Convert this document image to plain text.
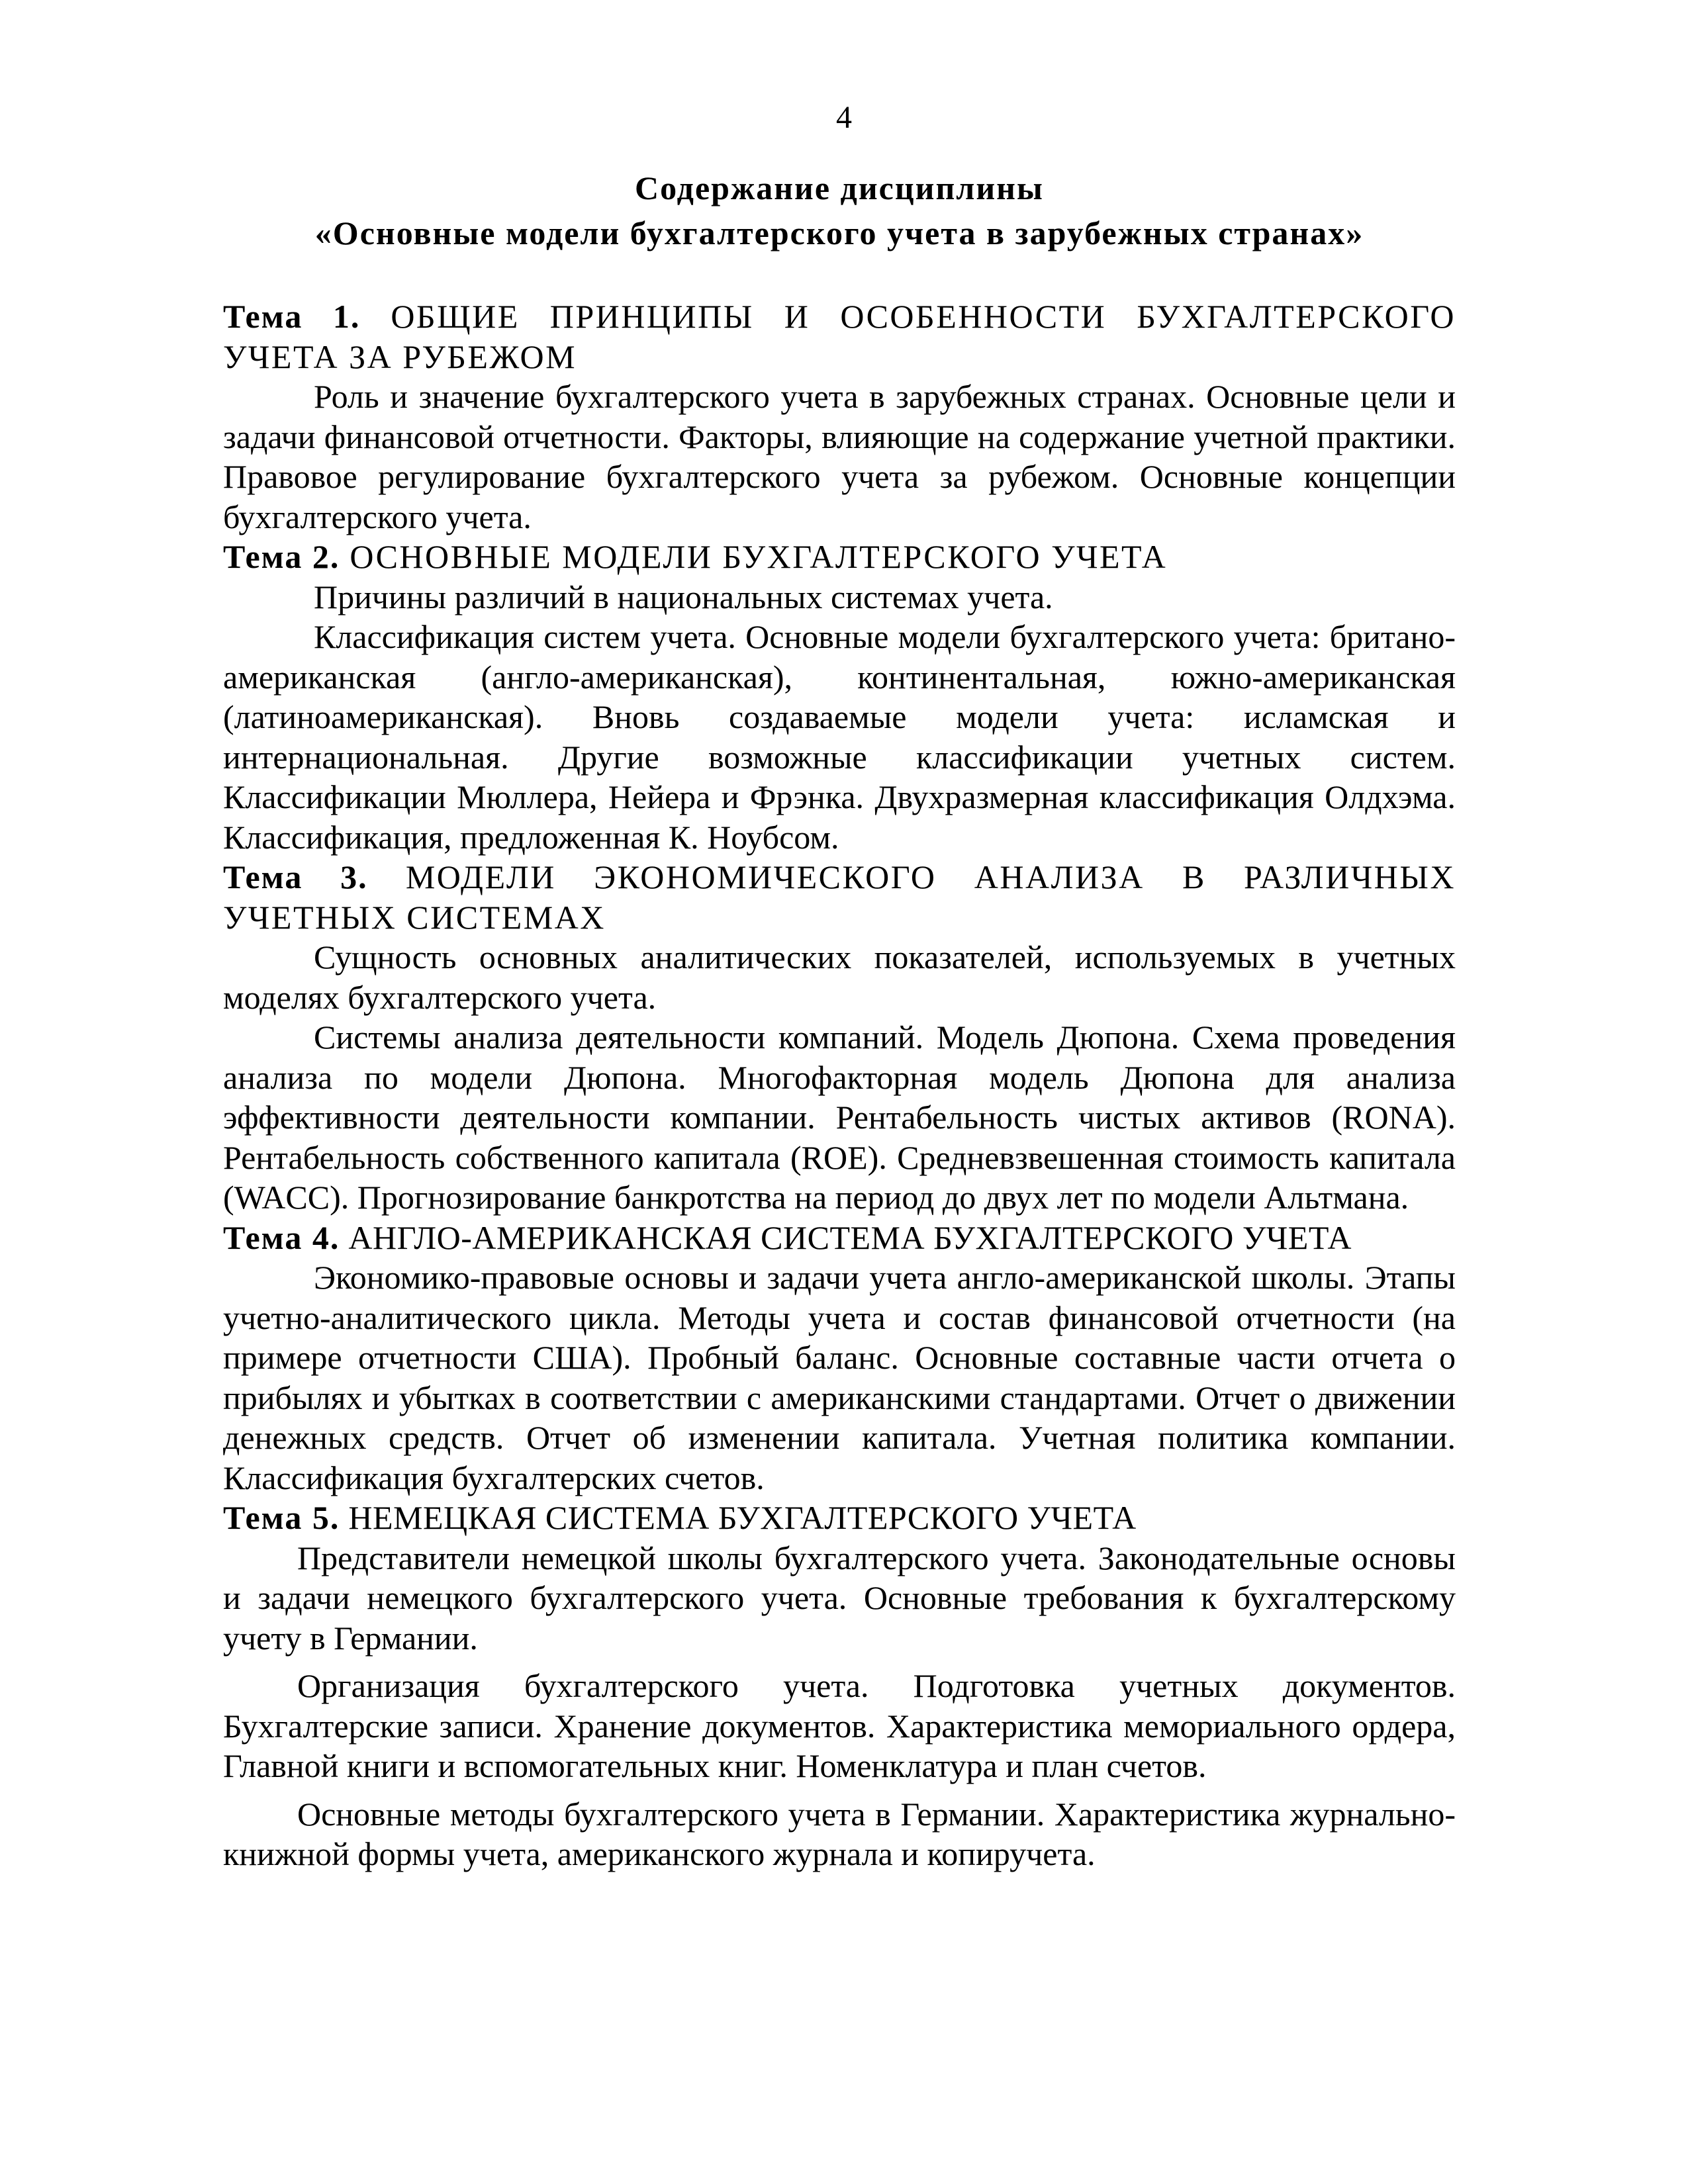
4
Содержание дисциплины
«Основные модели бухгалтерского учета в зарубежных странах»

Тема 1. ОБЩИЕ ПРИНЦИПЫ И ОСОБЕННОСТИ БУХГАЛТЕРСКОГО УЧЕТА ЗА РУБЕЖОМ

Роль и значение бухгалтерского учета в зарубежных странах. Основные цели и задачи финансовой отчетности. Факторы, влияющие на содержание учетной практики. Правовое регулирование бухгалтерского учета за рубежом. Основные концепции бухгалтерского учета.

Тема 2. ОСНОВНЫЕ МОДЕЛИ БУХГАЛТЕРСКОГО УЧЕТА

Причины различий в национальных системах учета.

Классификация систем учета. Основные модели бухгалтерского учета: британо-американская (англо-американская), континентальная, южно-американская (латиноамериканская). Вновь создаваемые модели учета: исламская и интернациональная. Другие возможные классификации учетных систем. Классификации Мюллера, Нейера и Фрэнка. Двухразмерная классификация Олдхэма. Классификация, предложенная К. Ноубсом.

Тема 3. МОДЕЛИ ЭКОНОМИЧЕСКОГО АНАЛИЗА В РАЗЛИЧНЫХ УЧЕТНЫХ СИСТЕМАХ

Сущность основных аналитических показателей, используемых в учетных моделях бухгалтерского учета.

Системы анализа деятельности компаний. Модель Дюпона. Схема проведения анализа по модели Дюпона. Многофакторная модель Дюпона для анализа эффективности деятельности компании. Рентабельность чистых активов (RONA). Рентабельность собственного капитала (ROE). Средневзвешенная стоимость капитала (WACC). Прогнозирование банкротства на период до двух лет по модели Альтмана.

Тема 4. АНГЛО-АМЕРИКАНСКАЯ СИСТЕМА БУХГАЛТЕРСКОГО УЧЕТА

Экономико-правовые основы и задачи учета англо-американской школы. Этапы учетно-аналитического цикла. Методы учета и состав финансовой отчетности (на примере отчетности США). Пробный баланс. Основные составные части отчета о прибылях и убытках в соответствии с американскими стандартами. Отчет о движении денежных средств. Отчет об изменении капитала. Учетная политика компании. Классификация бухгалтерских счетов.

Тема 5. НЕМЕЦКАЯ СИСТЕМА БУХГАЛТЕРСКОГО УЧЕТА

Представители немецкой школы бухгалтерского учета. Законодательные основы и задачи немецкого бухгалтерского учета. Основные требования к бухгалтерскому учету в Германии.

Организация бухгалтерского учета. Подготовка учетных документов. Бухгалтерские записи. Хранение документов. Характеристика мемориального ордера, Главной книги и вспомогательных книг. Номенклатура и план счетов.

Основные методы бухгалтерского учета в Германии. Характеристика журнально-книжной формы учета, американского журнала и копиручета.
